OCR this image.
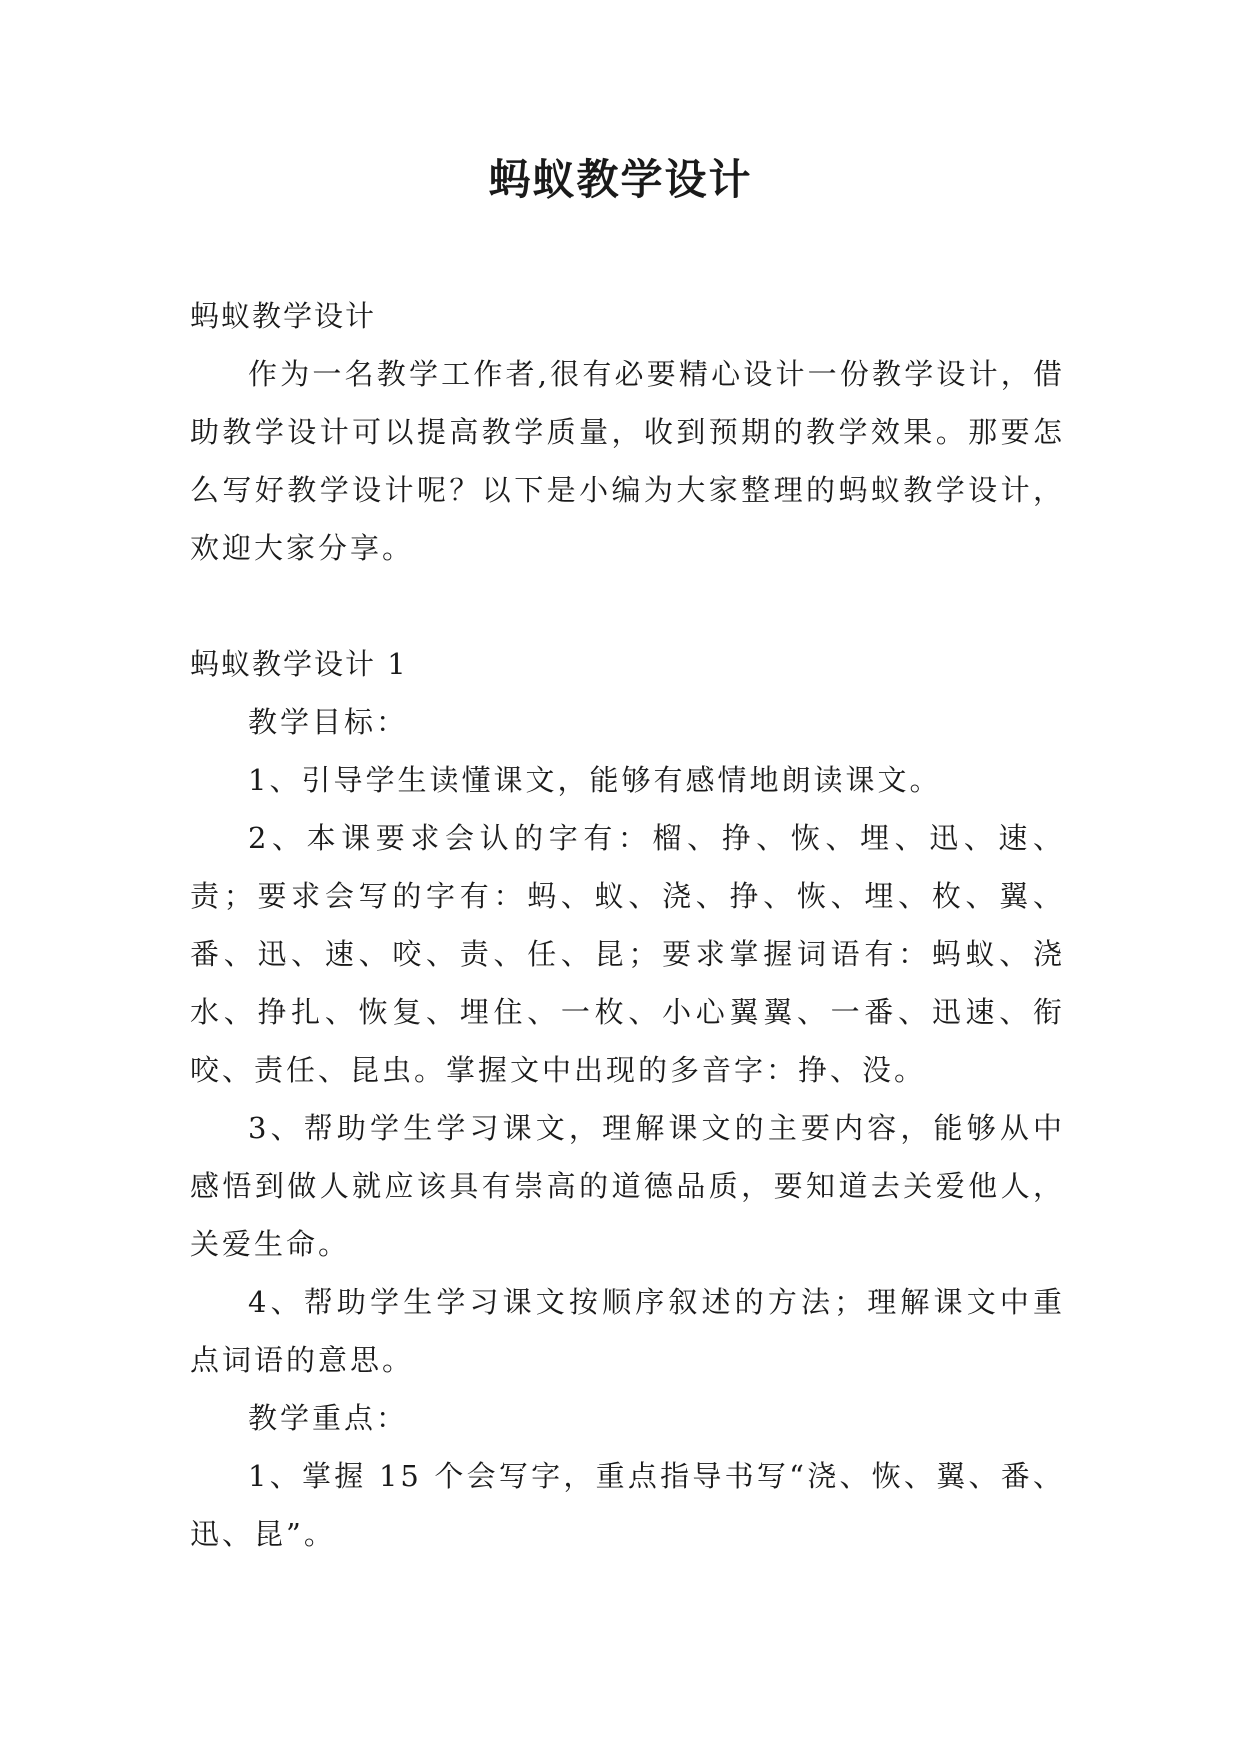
蚂蚁教学设计

蚂蚁教学设计

作为一名教学工作者,很有必要精心设计一份教学设计，借助教学设计可以提高教学质量，收到预期的教学效果。那要怎么写好教学设计呢？以下是小编为大家整理的蚂蚁教学设计，欢迎大家分享。

蚂蚁教学设计 1

教学目标：

1、引导学生读懂课文，能够有感情地朗读课文。

2、本课要求会认的字有：榴、挣、恢、埋、迅、速、责；要求会写的字有：蚂、蚁、浇、挣、恢、埋、枚、翼、番、迅、速、咬、责、任、昆；要求掌握词语有：蚂蚁、浇水、挣扎、恢复、埋住、一枚、小心翼翼、一番、迅速、衔咬、责任、昆虫。掌握文中出现的多音字：挣、没。

3、帮助学生学习课文，理解课文的主要内容，能够从中感悟到做人就应该具有崇高的道德品质，要知道去关爱他人，关爱生命。

4、帮助学生学习课文按顺序叙述的方法；理解课文中重点词语的意思。

教学重点：

1、掌握 15 个会写字，重点指导书写“浇、恢、翼、番、迅、昆”。
